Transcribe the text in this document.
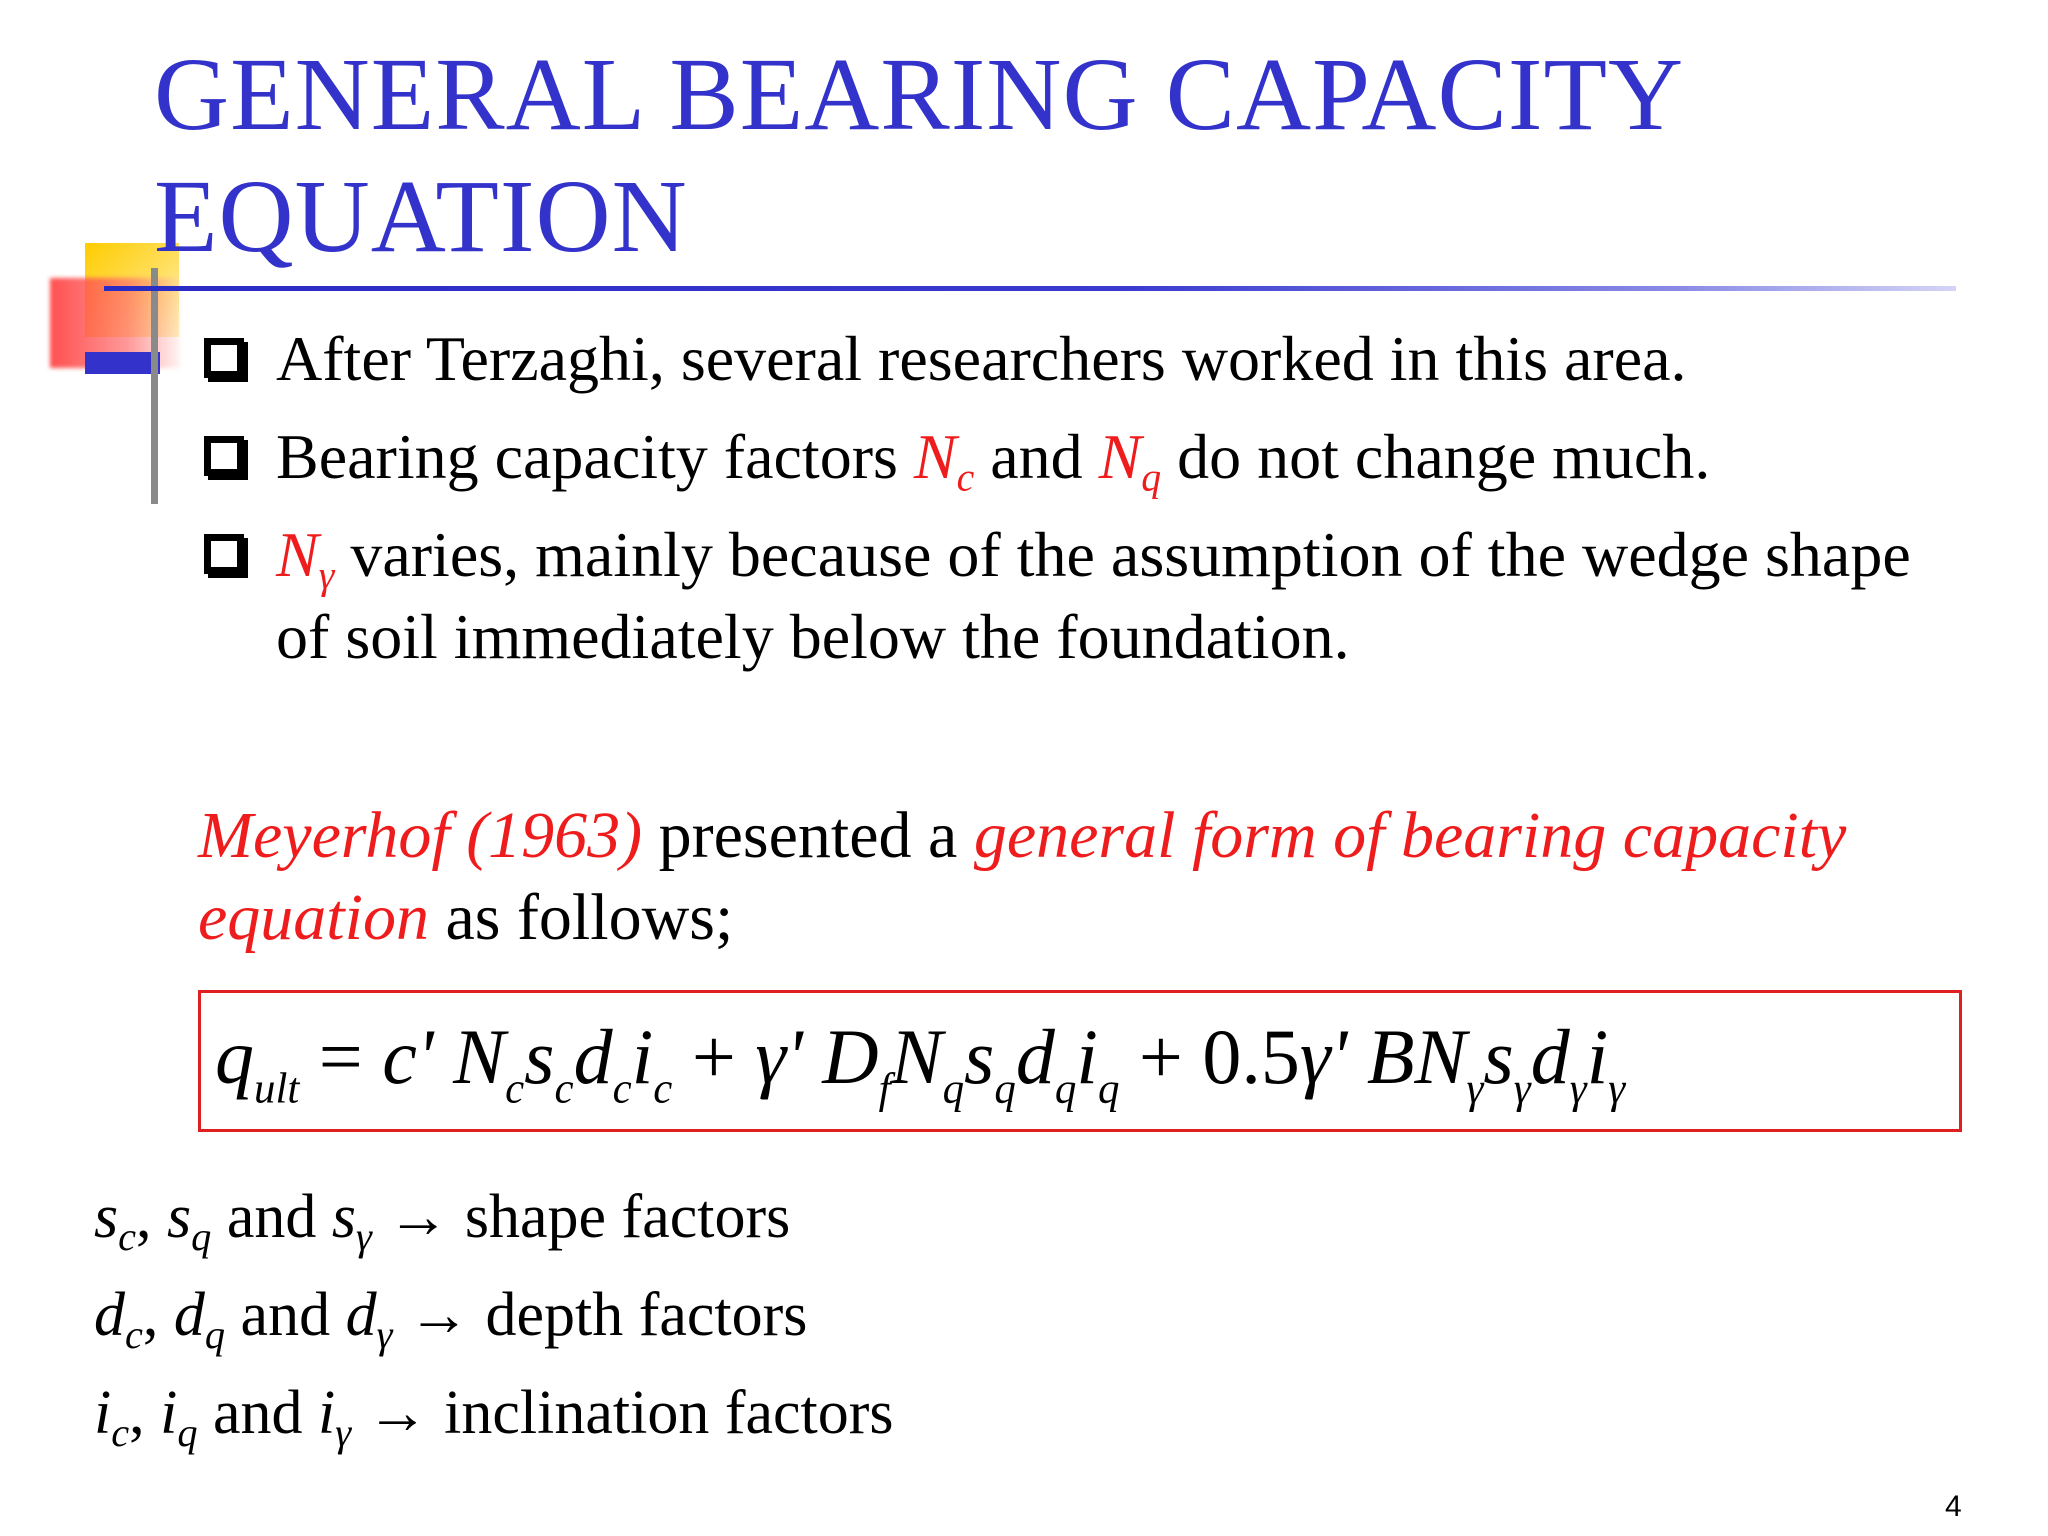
GENERAL BEARING CAPACITY
EQUATION
After Terzaghi, several researchers worked in this area.
Bearing capacity factors $N_c$ and $N_q$ do not change much.
$N_\gamma$ varies, mainly because of the assumption of the wedge shape of soil immediately below the foundation.
Meyerhof (1963) presented a general form of bearing capacity equation as follows;
$q_{ult} = c'$ $N_cs_cd_ci_c + \gamma'$ $D_fN_qs_qd_qi_q + 0.5\gamma'$ $BN_\gamma s_\gamma d_\gamma i_\gamma$
$s_c$, $s_q$ and $s_\gamma$ → shape factors
$d_c$, $d_q$ and $d_\gamma$ → depth factors
$i_c$, $i_q$ and $i_\gamma$ → inclination factors
4
